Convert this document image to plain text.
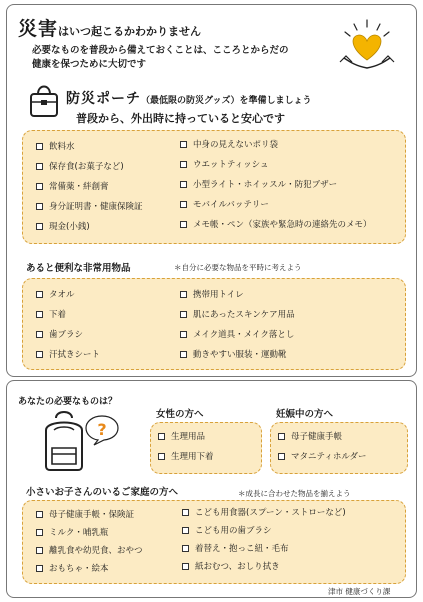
災害はいつ起こるかわかりません
必要なものを普段から備えておくことは、こころとからだの
健康を保つために大切です
防災ポーチ（最低限の防災グッズ）を準備しましょう
普段から、外出時に持っていると安心です
飲料水
保存食(お菓子など)
常備薬・絆創膏
身分証明書・健康保険証
現金(小銭)
中身の見えないポリ袋
ウエットティッシュ
小型ライト・ホイッスル・防犯ブザー
モバイルバッテリー
メモ帳・ペン（家族や緊急時の連絡先のメモ）
あると便利な非常用物品	＊自分に必要な物品を平時に考えよう
タオル
下着
歯ブラシ
汗拭きシート
携帯用トイレ
肌にあったスキンケア用品
メイク道具・メイク落とし
動きやすい服装・運動靴
あなたの必要なものは？
?
女性の方へ
生理用品
生理用下着
妊娠中の方へ
母子健康手帳
マタニティホルダー
小さいお子さんのいるご家庭の方へ	＊成長に合わせた物品を揃えよう
母子健康手帳・保険証
ミルク・哺乳瓶
離乳食や幼児食、おやつ
おもちゃ・絵本
こども用食器(スプーン・ストローなど)
こども用の歯ブラシ
着替え・抱っこ紐・毛布
紙おむつ、おしり拭き
津市 健康づくり課
